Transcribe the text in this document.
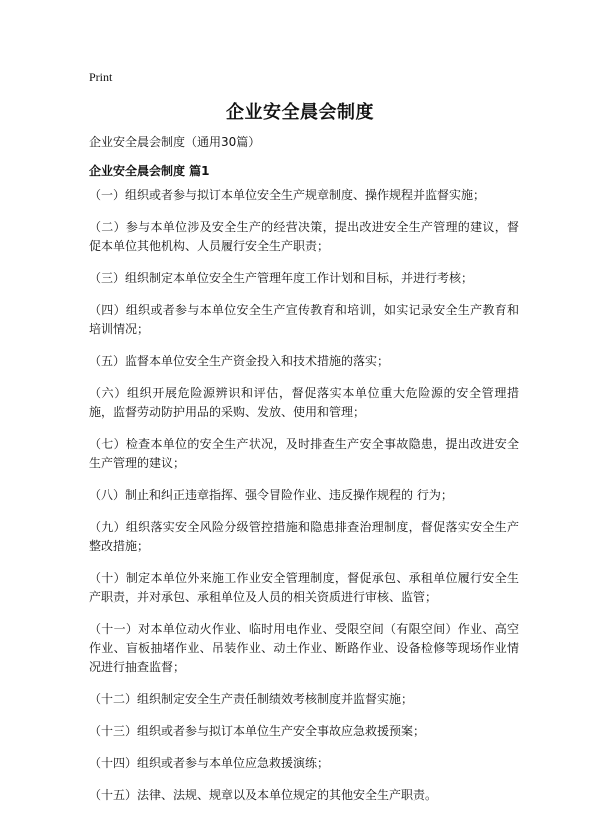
Print
企业安全晨会制度
企业安全晨会制度（通用30篇）
企业安全晨会制度 篇1
（一）组织或者参与拟订本单位安全生产规章制度、操作规程并监督实施；
（二）参与本单位涉及安全生产的经营决策，提出改进安全生产管理的建议，督促本单位其他机构、人员履行安全生产职责；
（三）组织制定本单位安全生产管理年度工作计划和目标，并进行考核；
（四）组织或者参与本单位安全生产宣传教育和培训，如实记录安全生产教育和培训情况；
（五）监督本单位安全生产资金投入和技术措施的落实；
（六）组织开展危险源辨识和评估，督促落实本单位重大危险源的安全管理措施，监督劳动防护用品的采购、发放、使用和管理；
（七）检查本单位的安全生产状况，及时排查生产安全事故隐患，提出改进安全生产管理的建议；
（八）制止和纠正违章指挥、强令冒险作业、违反操作规程的 行为；
（九）组织落实安全风险分级管控措施和隐患排查治理制度，督促落实安全生产整改措施；
（十）制定本单位外来施工作业安全管理制度，督促承包、承租单位履行安全生产职责，并对承包、承租单位及人员的相关资质进行审核、监管；
（十一）对本单位动火作业、临时用电作业、受限空间（有限空间）作业、高空作业、盲板抽堵作业、吊装作业、动土作业、断路作业、设备检修等现场作业情况进行抽查监督；
（十二）组织制定安全生产责任制绩效考核制度并监督实施；
（十三）组织或者参与拟订本单位生产安全事故应急救援预案；
（十四）组织或者参与本单位应急救援演练；
（十五）法律、法规、规章以及本单位规定的其他安全生产职责。
